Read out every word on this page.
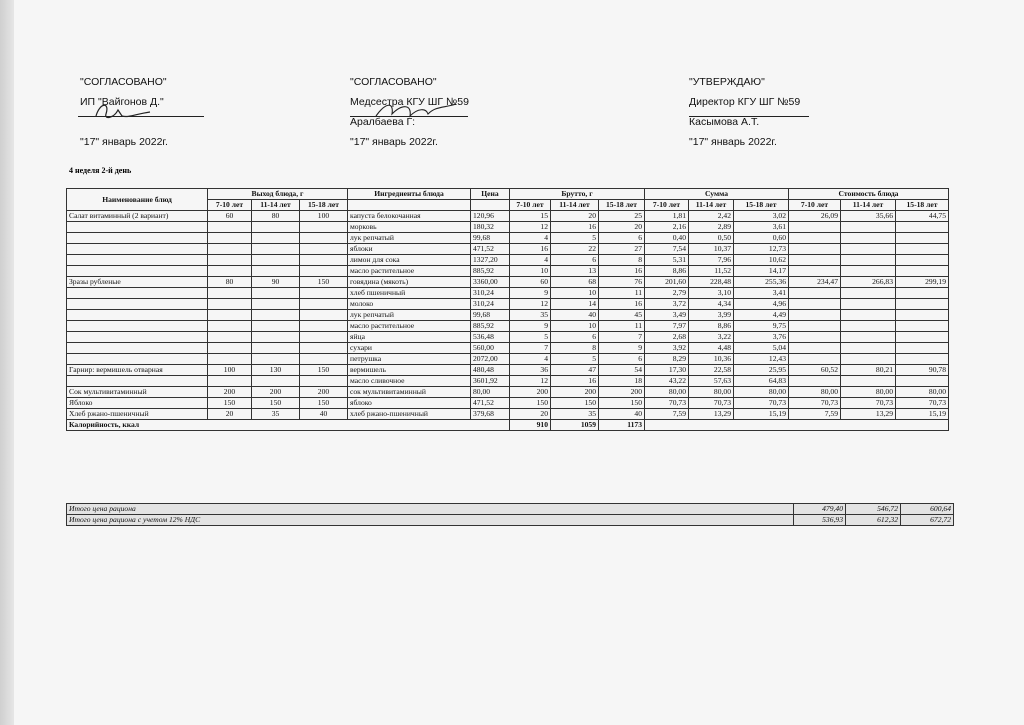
"СОГЛАСОВАНО"
ИП "Вайгонов Д."
"17" январь 2022г.
"СОГЛАСОВАНО"
Медсестра КГУ ШГ №59
Аралбаева Г:
"17" январь 2022г.
"УТВЕРЖДАЮ"
Директор КГУ ШГ №59
Касымова А.Т.
"17" январь 2022г.
4 неделя 2-й день
Наименование блюд	Выход блюда, г			Ингредиенты блюда	Цена	Брутто, г			Сумма			Стоимость блюда		
	7-10 лет	11-14 лет	15-18 лет			7-10 лет	11-14 лет	15-18 лет	7-10 лет	11-14 лет	15-18 лет	7-10 лет	11-14 лет	15-18 лет
Салат витаминный (2 вариант)	60	80	100	капуста белокочанная	120,96	15	20	25	1,81	2,42	3,02	26,09	35,66	44,75
				морковь	180,32	12	16	20	2,16	2,89	3,61			
				лук репчатый	99,68	4	5	6	0,40	0,50	0,60			
				яблоки	471,52	16	22	27	7,54	10,37	12,73			
				лимон для сока	1327,20	4	6	8	5,31	7,96	10,62			
				масло растительное	885,92	10	13	16	8,86	11,52	14,17			
Зразы рубленые	80	90	150	говядина (мякоть)	3360,00	60	68	76	201,60	228,48	255,36	234,47	266,83	299,19
				хлеб пшеничный	310,24	9	10	11	2,79	3,10	3,41			
				молоко	310,24	12	14	16	3,72	4,34	4,96			
				лук репчатый	99,68	35	40	45	3,49	3,99	4,49			
				масло растительное	885,92	9	10	11	7,97	8,86	9,75			
				яйца	536,48	5	6	7	2,68	3,22	3,76			
				сухари	560,00	7	8	9	3,92	4,48	5,04			
				петрушка	2072,00	4	5	6	8,29	10,36	12,43			
Гарнир: вермишель отварная	100	130	150	вермишель	480,48	36	47	54	17,30	22,58	25,95	60,52	80,21	90,78
				масло сливочное	3601,92	12	16	18	43,22	57,63	64,83			
Сок мультивитаминный	200	200	200	сок мультивитаминный	80,00	200	200	200	80,00	80,00	80,00	80,00	80,00	80,00
Яблоко	150	150	150	яблоко	471,52	150	150	150	70,73	70,73	70,73	70,73	70,73	70,73
Хлеб ржано-пшеничный	20	35	40	хлеб ржано-пшеничный	379,68	20	35	40	7,59	13,29	15,19	7,59	13,29	15,19
Калорийность, ккал						910	1059	1173						
Итого цена рациона	479,40	546,72	600,64
Итого цена рациона с учетом 12% НДС	536,93	612,32	672,72
